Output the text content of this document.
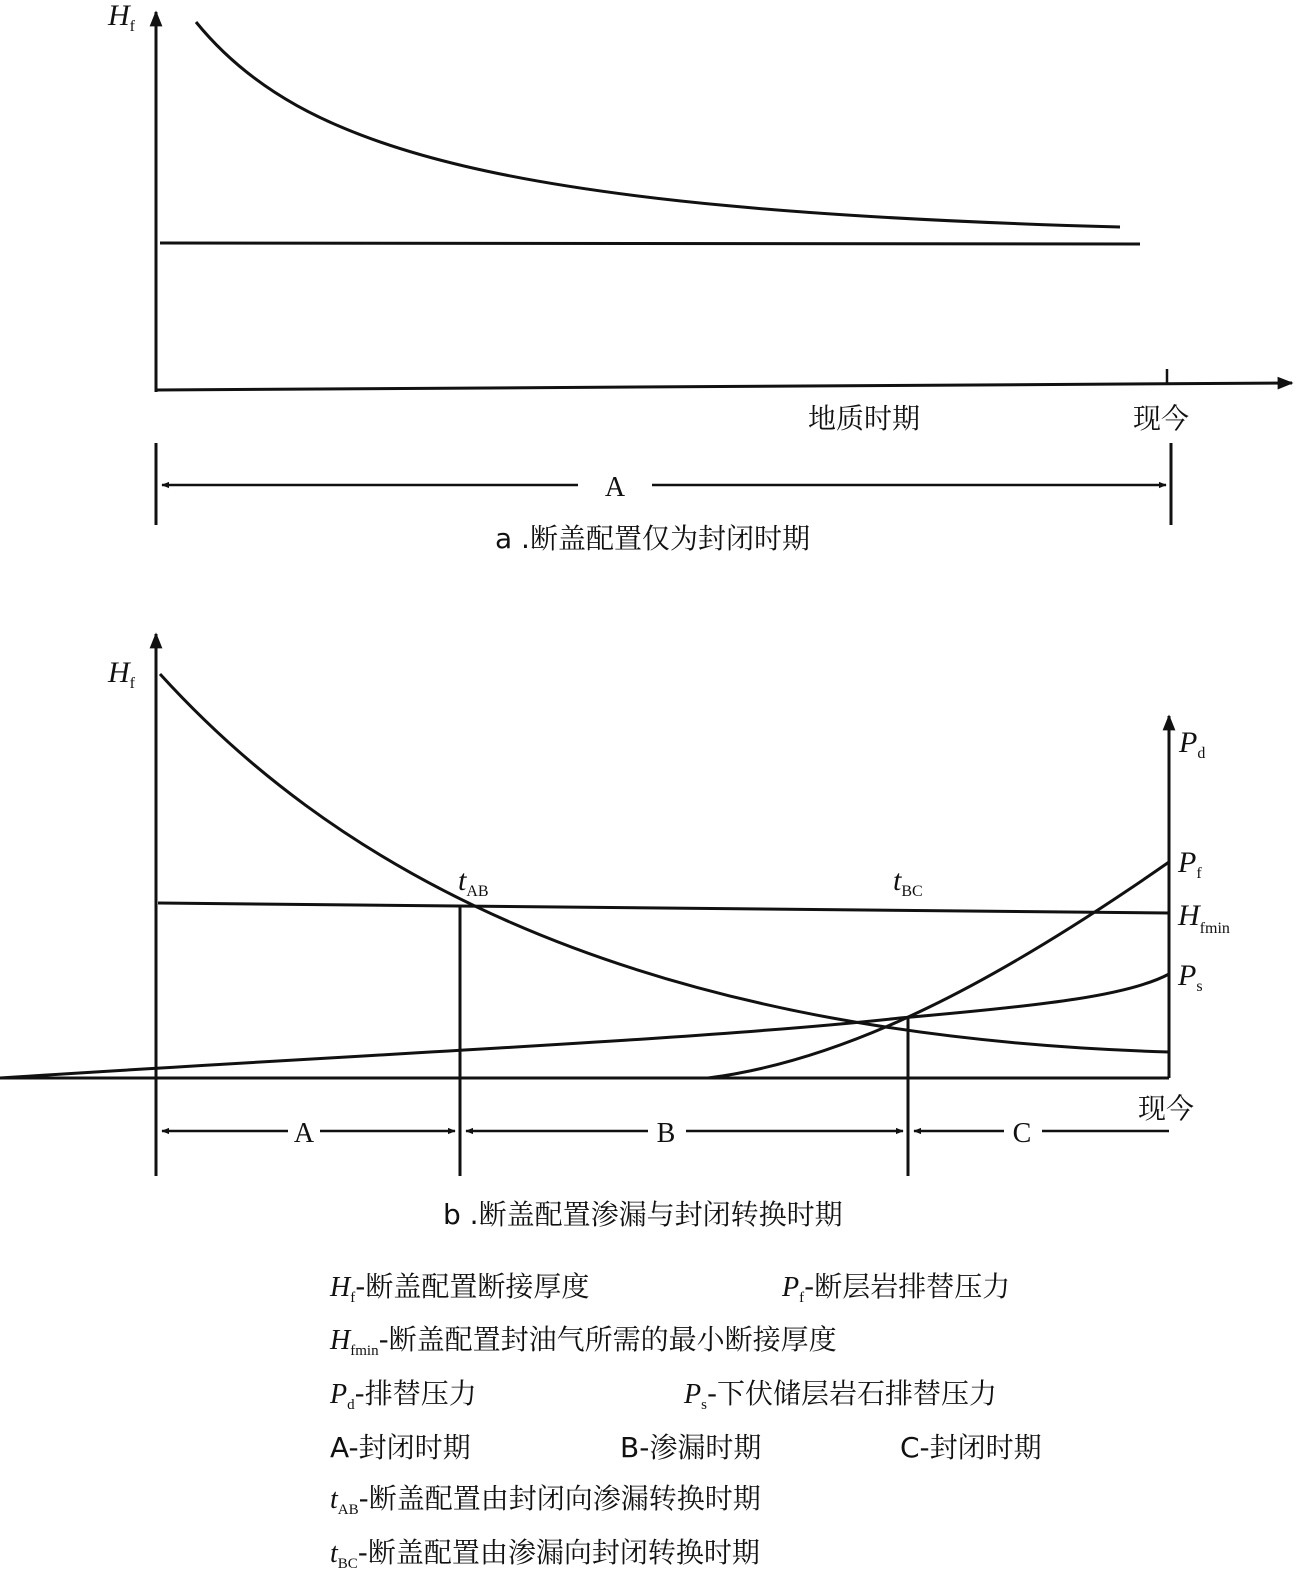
$H_f$
地质时期	现今
A
a .断盖配置仅为封闭时期
$H_f$
$P_d$
$P_f$
$H_{fmin}$
$P_s$
$t_{AB}$	$t_{BC}$
现今
A	B	C
b .断盖配置渗漏与封闭转换时期
$H_f-$断盖配置断接厚度	$P_f-$断层岩排替压力
$H_{fmin}-$断盖配置封油气所需的最小断接厚度
$P_d-$排替压力	$P_s-$下伏储层岩石排替压力
A-封闭时期	B-渗漏时期	C-封闭时期
$t_{AB}-$断盖配置由封闭向渗漏转换时期
$t_{BC}-$断盖配置由渗漏向封闭转换时期
